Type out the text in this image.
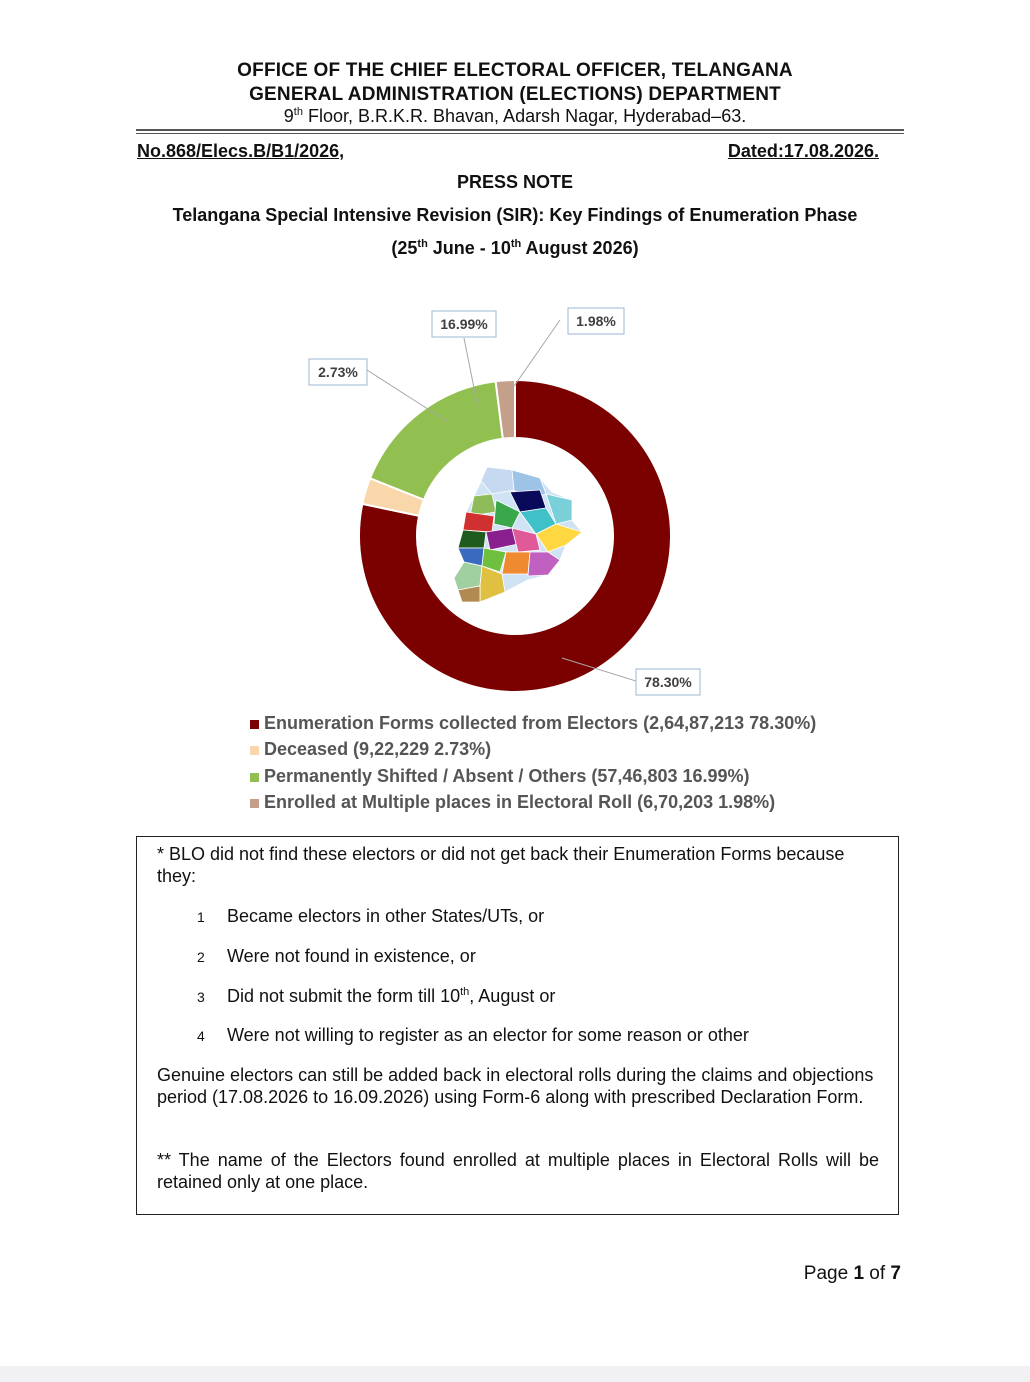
OFFICE OF THE CHIEF ELECTORAL OFFICER, TELANGANA
GENERAL ADMINISTRATION (ELECTIONS) DEPARTMENT
9th Floor, B.R.K.R. Bhavan, Adarsh Nagar, Hyderabad–63.
No.868/Elecs.B/B1/2026,	Dated:17.08.2026.
PRESS NOTE
Telangana Special Intensive Revision (SIR): Key Findings of Enumeration Phase
(25th June - 10th August 2026)
78.30%
2.73%
16.99%	1.98%
Enumeration Forms collected from Electors (2,64,87,213 78.30%)
Deceased (9,22,229 2.73%)
Permanently Shifted / Absent / Others (57,46,803 16.99%)
Enrolled at Multiple places in Electoral Roll (6,70,203 1.98%)
* BLO did not find these electors or did not get back their Enumeration Forms because they:
1 Became electors in other States/UTs, or
2 Were not found in existence, or
3 Did not submit the form till 10th, August or
4 Were not willing to register as an elector for some reason or other
Genuine electors can still be added back in electoral rolls during the claims and objections period (17.08.2026 to 16.09.2026) using Form-6 along with prescribed Declaration Form.
** The name of the Electors found enrolled at multiple places in Electoral Rolls will be retained only at one place.
Page 1 of 7
